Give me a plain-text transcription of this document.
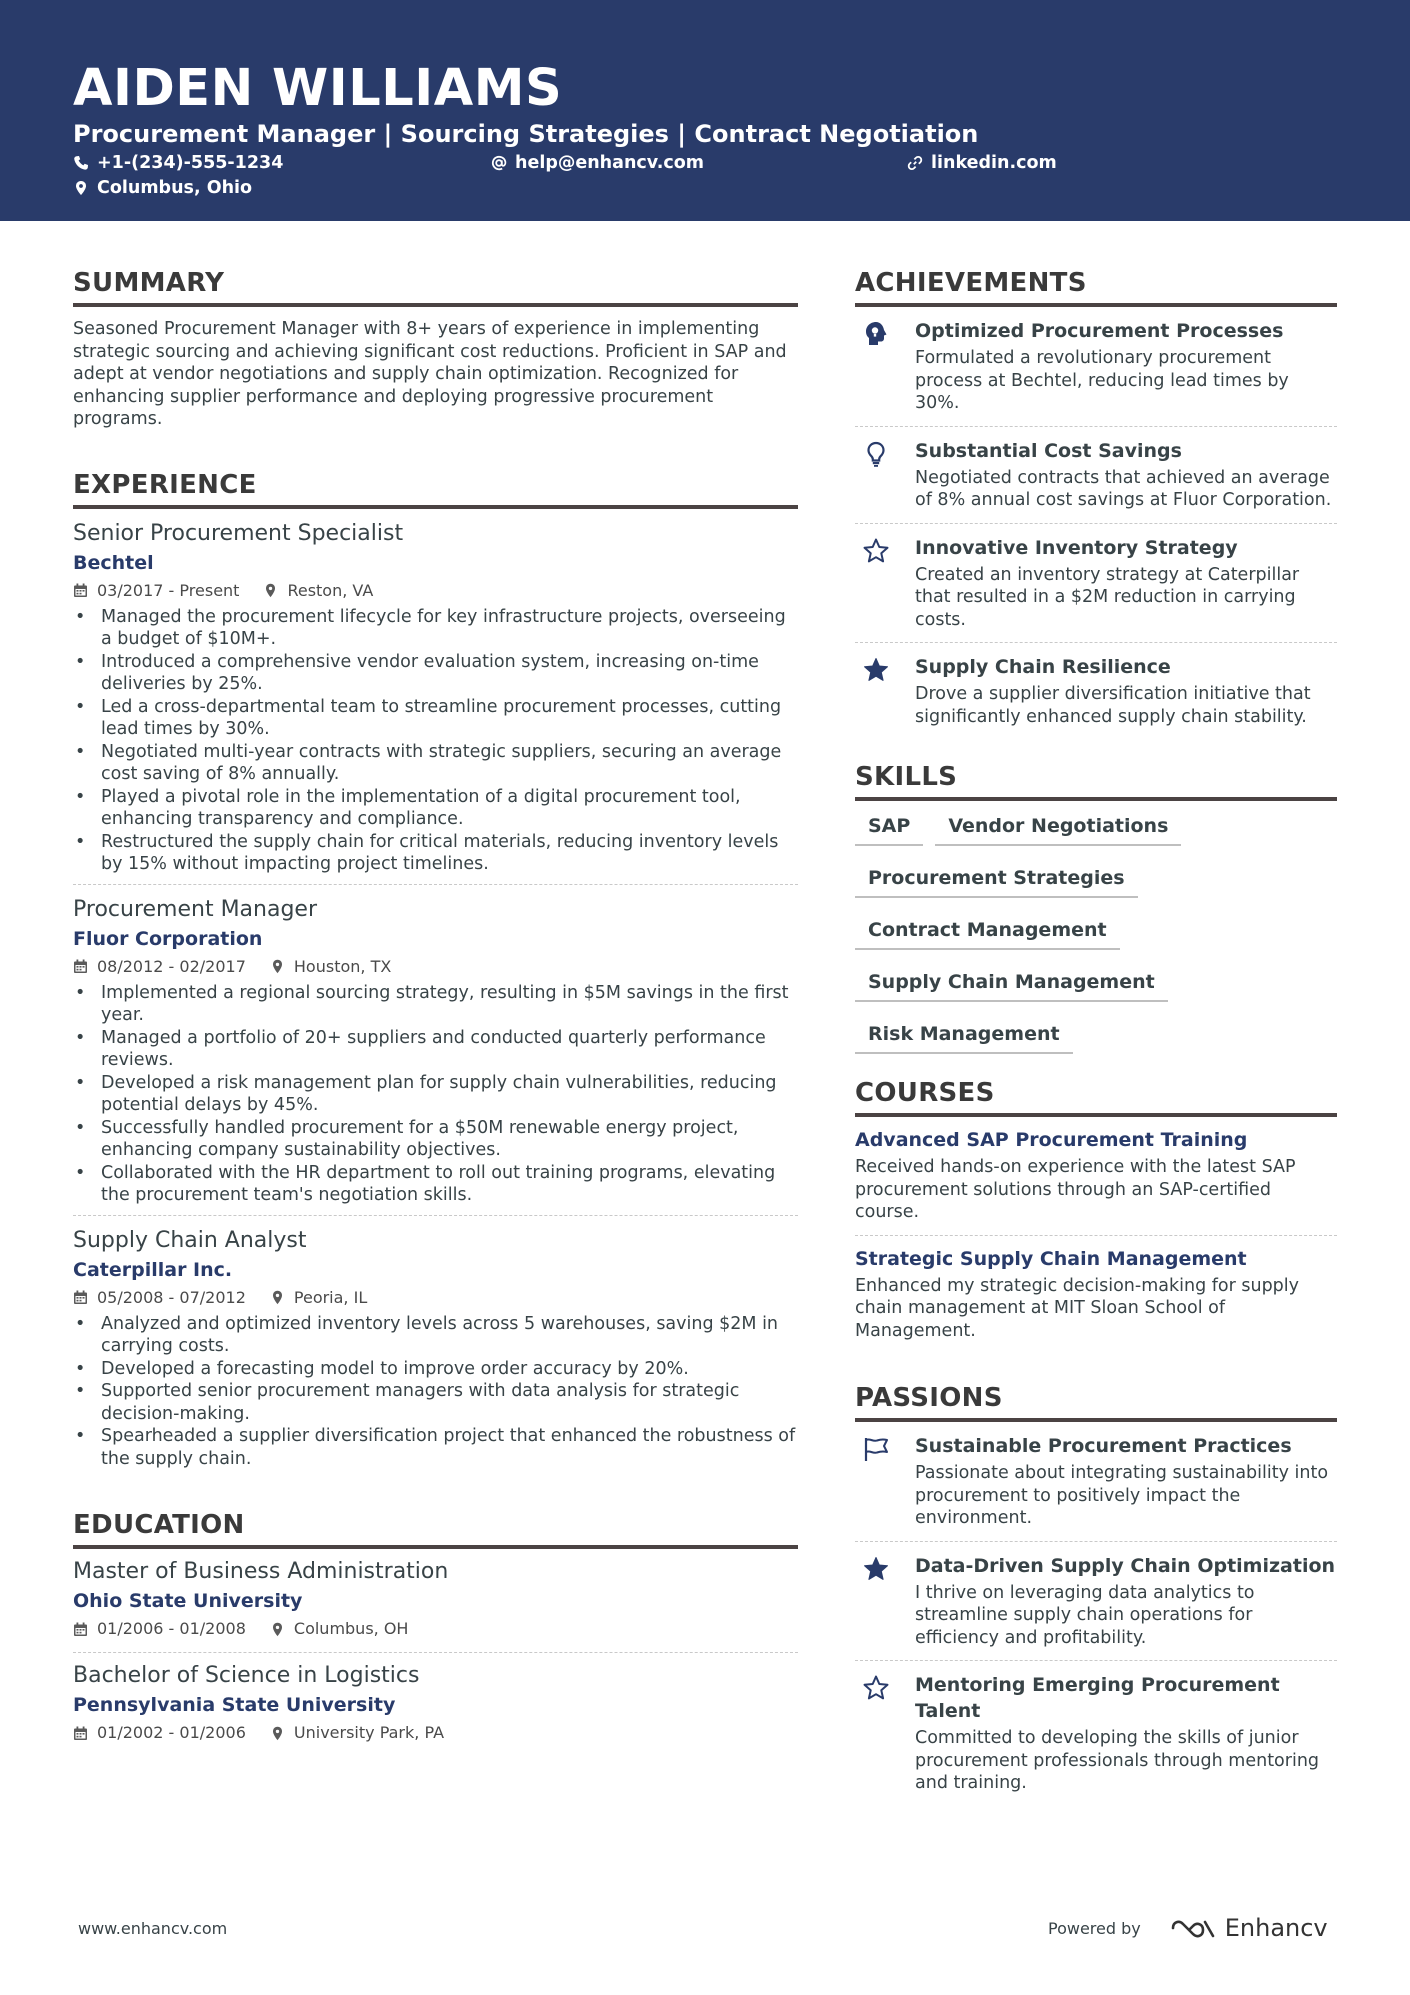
AIDEN WILLIAMS
Procurement Manager | Sourcing Strategies | Contract Negotiation
+1-(234)-555-1234	help@enhancv.com	linkedin.com
Columbus, Ohio
SUMMARY

Seasoned Procurement Manager with 8+ years of experience in implementing strategic sourcing and achieving significant cost reductions. Proficient in SAP and adept at vendor negotiations and supply chain optimization. Recognized for enhancing supplier performance and deploying progressive procurement programs.

EXPERIENCE
Senior Procurement Specialist
Bechtel
03/2017 - Present	Reston, VA
• Managed the procurement lifecycle for key infrastructure projects, overseeing a budget of $10M+.
• Introduced a comprehensive vendor evaluation system, increasing on-time deliveries by 25%.
• Led a cross-departmental team to streamline procurement processes, cutting lead times by 30%.
• Negotiated multi-year contracts with strategic suppliers, securing an average cost saving of 8% annually.
• Played a pivotal role in the implementation of a digital procurement tool, enhancing transparency and compliance.
• Restructured the supply chain for critical materials, reducing inventory levels by 15% without impacting project timelines.
Procurement Manager
Fluor Corporation
08/2012 - 02/2017	Houston, TX
• Implemented a regional sourcing strategy, resulting in $5M savings in the first year.
• Managed a portfolio of 20+ suppliers and conducted quarterly performance reviews.
• Developed a risk management plan for supply chain vulnerabilities, reducing potential delays by 45%.
• Successfully handled procurement for a $50M renewable energy project, enhancing company sustainability objectives.
• Collaborated with the HR department to roll out training programs, elevating the procurement team's negotiation skills.
Supply Chain Analyst
Caterpillar Inc.
05/2008 - 07/2012	Peoria, IL
• Analyzed and optimized inventory levels across 5 warehouses, saving $2M in carrying costs.
• Developed a forecasting model to improve order accuracy by 20%.
• Supported senior procurement managers with data analysis for strategic decision-making.
• Spearheaded a supplier diversification project that enhanced the robustness of the supply chain.
EDUCATION
Master of Business Administration
Ohio State University
01/2006 - 01/2008	Columbus, OH
Bachelor of Science in Logistics
Pennsylvania State University
01/2002 - 01/2006	University Park, PA
ACHIEVEMENTS
Optimized Procurement Processes
Formulated a revolutionary procurement process at Bechtel, reducing lead times by 30%.
Substantial Cost Savings
Negotiated contracts that achieved an average of 8% annual cost savings at Fluor Corporation.
Innovative Inventory Strategy
Created an inventory strategy at Caterpillar that resulted in a $2M reduction in carrying costs.
Supply Chain Resilience
Drove a supplier diversification initiative that significantly enhanced supply chain stability.
SKILLS
SAP	Vendor Negotiations
Procurement Strategies
Contract Management
Supply Chain Management
Risk Management
COURSES
Advanced SAP Procurement Training
Received hands-on experience with the latest SAP procurement solutions through an SAP-certified course.
Strategic Supply Chain Management
Enhanced my strategic decision-making for supply chain management at MIT Sloan School of Management.
PASSIONS
Sustainable Procurement Practices
Passionate about integrating sustainability into procurement to positively impact the environment.
Data-Driven Supply Chain Optimization
I thrive on leveraging data analytics to streamline supply chain operations for efficiency and profitability.
Mentoring Emerging Procurement Talent
Committed to developing the skills of junior procurement professionals through mentoring and training.
www.enhancv.com	Powered by	Enhancv
